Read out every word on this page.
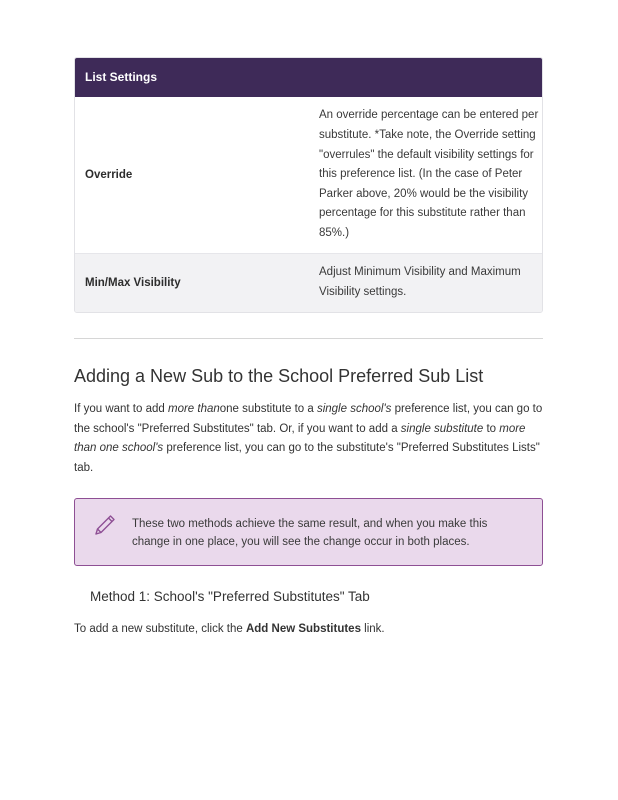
List Settings
Override
An override percentage can be entered per substitute. *Take note, the Override setting "overrules" the default visibility settings for this preference list. (In the case of Peter Parker above, 20% would be the visibility percentage for this substitute rather than 85%.)
Min/Max Visibility
Adjust Minimum Visibility and Maximum Visibility settings.
Adding a New Sub to the School Preferred Sub List

If you want to add more thanone substitute to a single school's preference list, you can go to the school's "Preferred Substitutes" tab. Or, if you want to add a single substitute to more than one school's preference list, you can go to the substitute's "Preferred Substitutes Lists" tab.

These two methods achieve the same result, and when you make this change in one place, you will see the change occur in both places.
Method 1: School's "Preferred Substitutes" Tab

To add a new substitute, click the Add New Substitutes link.
